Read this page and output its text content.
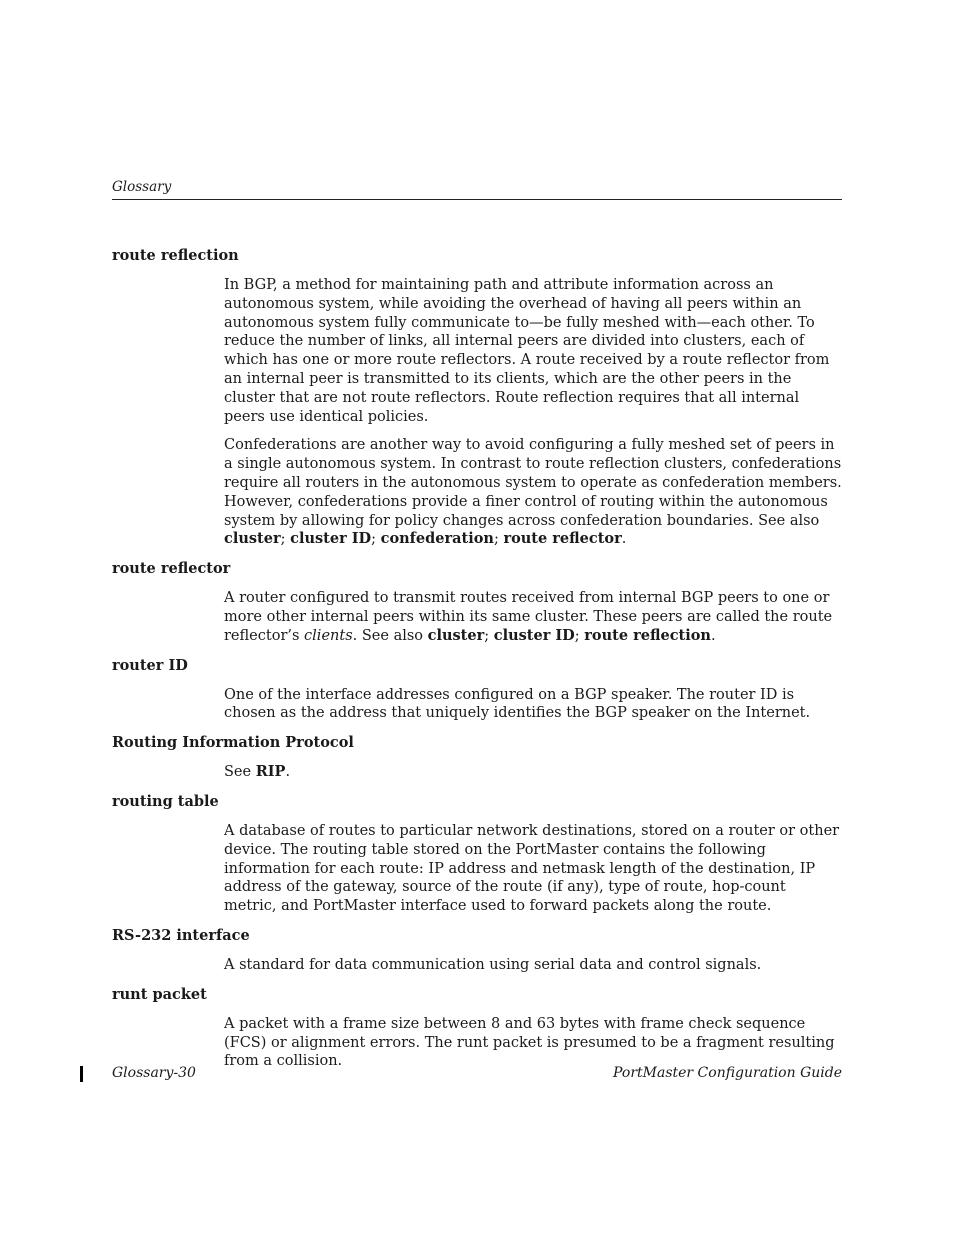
Glossary
route reflection

In BGP, a method for maintaining path and attribute information across an autonomous system, while avoiding the overhead of having all peers within an autonomous system fully communicate to—be fully meshed with—each other. To reduce the number of links, all internal peers are divided into clusters, each of which has one or more route reflectors. A route received by a route reflector from an internal peer is transmitted to its clients, which are the other peers in the cluster that are not route reflectors. Route reflection requires that all internal peers use identical policies.

Confederations are another way to avoid configuring a fully meshed set of peers in a single autonomous system. In contrast to route reflection clusters, confederations require all routers in the autonomous system to operate as confederation members. However, confederations provide a finer control of routing within the autonomous system by allowing for policy changes across confederation boundaries. See also cluster; cluster ID; confederation; route reflector.

route reflector

A router configured to transmit routes received from internal BGP peers to one or more other internal peers within its same cluster. These peers are called the route reflector’s clients. See also cluster; cluster ID; route reflection.

router ID

One of the interface addresses configured on a BGP speaker. The router ID is chosen as the address that uniquely identifies the BGP speaker on the Internet.

Routing Information Protocol

See RIP.

routing table

A database of routes to particular network destinations, stored on a router or other device. The routing table stored on the PortMaster contains the following information for each route: IP address and netmask length of the destination, IP address of the gateway, source of the route (if any), type of route, hop-count metric, and PortMaster interface used to forward packets along the route.

RS-232 interface

A standard for data communication using serial data and control signals.

runt packet

A packet with a frame size between 8 and 63 bytes with frame check sequence (FCS) or alignment errors. The runt packet is presumed to be a fragment resulting from a collision.

Glossary-30	PortMaster Configuration Guide
